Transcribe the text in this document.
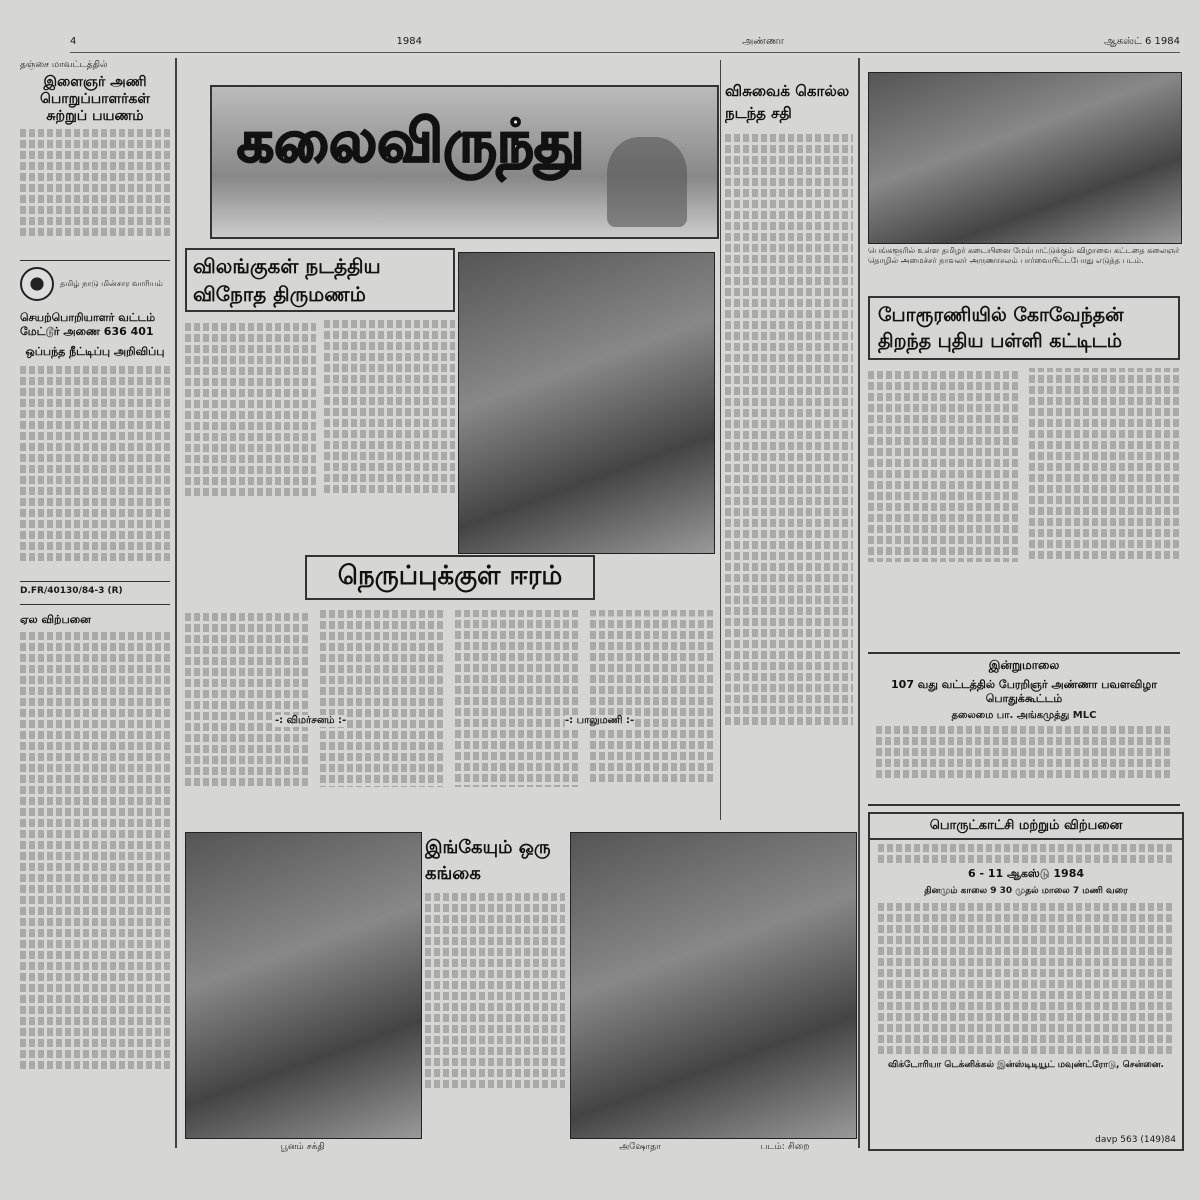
4	1984	அண்ணா	ஆகஸ்ட் 6 1984
தஞ்சை மாவட்டத்தில்
இளைஞர் அணி பொறுப்பாளர்கள் சுற்றுப் பயணம்
தமிழ் நாடு மின்சார வாரியம்
செயற்பொறியாளர் வட்டம் மேட்டூர் அணை 636 401
ஒப்பந்த நீட்டிப்பு அறிவிப்பு
D.FR/40130/84-3 (R)
ஏல விற்பனை
கலைவிருந்து
விசுவைக் கொல்ல நடந்த சதி
விலங்குகள் நடத்திய விநோத திருமணம்
நெருப்புக்குள் ஈரம்
-: விமர்சனம் :-	-: பாலுமணி :-
பூனம் சக்தி
இங்கேயும் ஒரு கங்கை
அஷோதா	படம்: சிறை
பெங்களூரில் உள்ள தமிழர் கடையினை மேம்பாட்டுக்கும் விழாவை கட்டதை கலைஞர் தொழில் அமைச்சர் நாவலர் அருணாசலம் பார்வையிட்டபோது எடுத்த படம்.
போரூரணியில் கோவேந்தன் திறந்த புதிய பள்ளி கட்டிடம்
இன்றுமாலை
107 வது வட்டத்தில் பேரறிஞர் அண்ணா பவளவிழா பொதுக்கூட்டம்
தலைமை பா. அங்கமுத்து MLC
பொருட்காட்சி மற்றும் விற்பனை
6 - 11 ஆகஸ்டு 1984
தினமும் காலை 9 30 முதல் மாலை 7 மணி வரை
விக்டோரியா டெக்னிக்கல் இன்ஸ்டிடியூட் மவுண்ட்ரோடு, சென்னை.
davp 563 (149)84
